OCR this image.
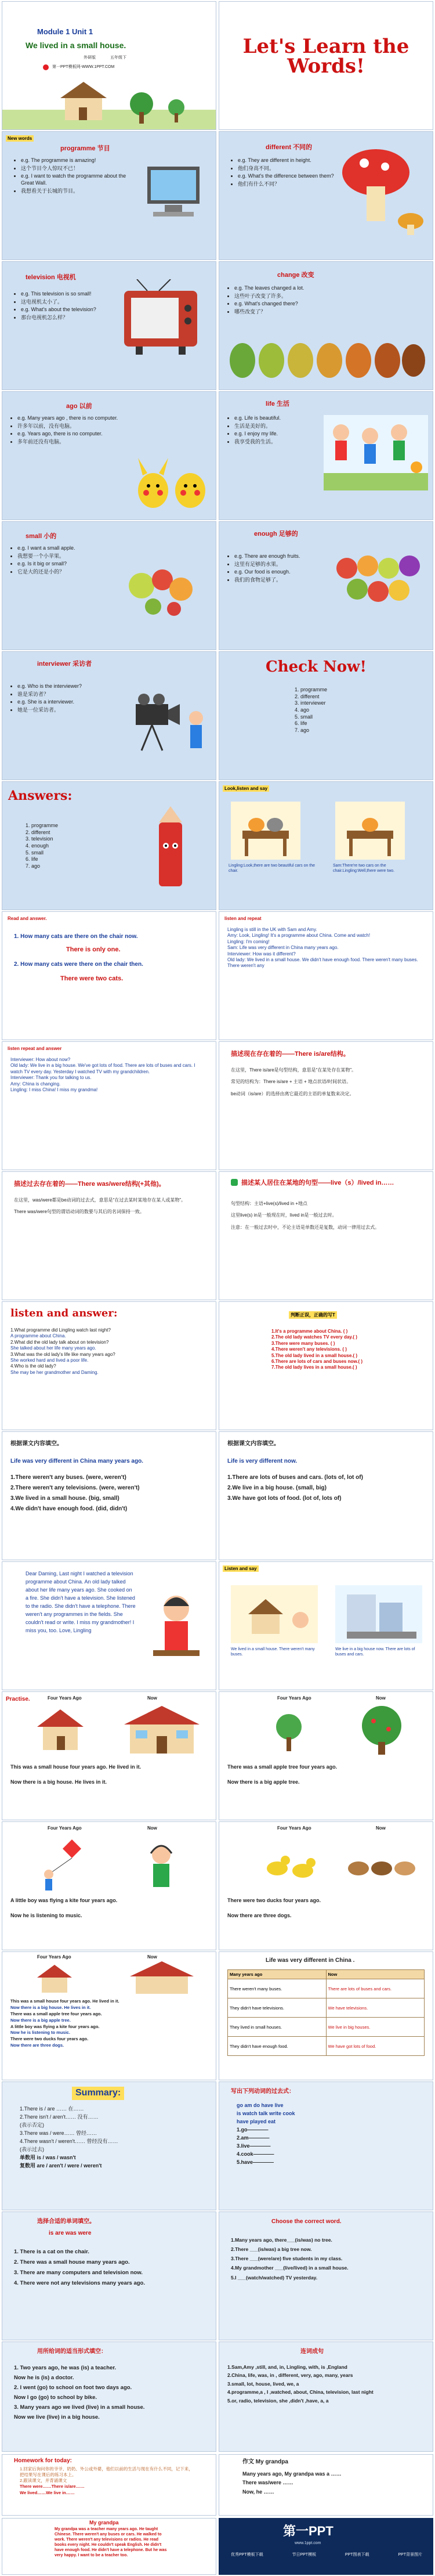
Module 1 Unit 1
We lived in a small house.
外研版	五年级下
第一PPT模板网-WWW.1PPT.COM
Let's Learn the Words!
New words
programme 节目
• e.g. The programme is amazing!
• 这个节目令人惊叹不已！
• e.g. I want to watch the programme about the Great Wall.
• 我想看关于长城的节目。
different 不同的
• e.g. They are different in height.
• 他们身高不同。
• e.g. What's the difference between them?
• 他们有什么不同？
television 电视机
• e.g. This television is so small!
• 这电视机太小了。
• e.g. What's about the television?
• 那台电视机怎么样？
change 改变
• e.g. The leaves changed a lot.
• 这些叶子改变了许多。
• e.g. What's changed there?
• 哪些改变了？
ago 以前
• e.g. Many years ago , there is no computer.
• 许多年以前，没有电脑。
• e.g. Years ago, there is no computer.
• 多年前还没有电脑。
life 生活
• e.g. Life is beautiful.
• 生活是美好的。
• e.g. I enjoy my life.
• 我享受我的生活。
small 小的
• e.g. I want a small apple.
• 我想要一个小苹果。
• e.g. Is it big or small?
• 它是大的还是小的？
enough 足够的
• e.g. There are enough fruits.
• 这里有足够的水果。
• e.g. Our food is enough.
• 我们的食物足够了。
interviewer 采访者
• e.g. Who is the interviewer?
• 谁是采访者？
• e.g. She is a interviewer.
• 她是一位采访者。
Check Now!
1. programme
2. different
3. interviewer
4. ago
5. small
6. life
7. ago
Answers:
1. programme
2. different
3. television
4. enough
5. small
6. life
7. ago
Look,listen and say
Lingling:Look,there are two beautiful cars on the chair.
Sam:There're two cars on the chair.Lingling:Well,there were two.
Read and answer.
1. How many cats are there on the chair now.
There is only one.
2. How many cats were there on the chair then.
There were two cats.
listen and repeat
Lingling is still in the UK with Sam and Amy.
Amy: Look, Lingling! It's a programme about China. Come and watch!
Lingling: I'm coming!
Sam: Life was very different in China many years ago.
Interviewer: How was it different?
Old lady: We lived in a small house. We didn't have enough food. There weren't many buses. There weren't any
listen repeat and answer
Interviewer: How about now?
Old lady: We live in a big house. We've got lots of food. There are lots of buses and cars. I watch TV every day. Yesterday I watched TV with my grandchildren.
Interviewer: Thank you for talking to us.
Amy: China is changing.
Lingling: I miss China! I miss my grandma!
描述现在存在着的——There is/are结构。
在这里，There is/are是句型结构，意思是“在某处存在某物”。
常见的结构为：There is/are + 主语 + 地点状语/时间状语。
be动词（is/are）的选择由离它最近的主语的单复数来决定。
描述过去存在着的——There was/were结构(+其他)。
在这里，was/were都是be动词的过去式，意思是“在过去某时某地存在某人或某物”。
There was/were句型的谓语动词的数要与其后的名词保持一致。
描述某人居住在某地的句型——live（s）/lived in……
句型结构：主语+live(s)/lived in +地点
这里live(s) in是一般现在时，lived in是一般过去时。
注意：在一般过去时中，不论主语是单数还是复数，动词一律用过去式。
listen and answer:
1.What programme did Lingling watch last night?
A programme about China.
2.What did the old lady talk about on television?
She talked about her life many years ago.
3.What was the old lady's life like many years ago?
She worked hard and lived a poor life.
4.Who is the old lady?
She may be her grandmother and Daming.
判断正误，正确的写T
1.It's a programme about China. ( )
2.The old lady watches TV every day.( )
3.There were many buses. ( )
4.There weren't any televisions. ( )
5.The old lady lived in a small house.( )
6.There are lots of cars and buses now.( )
7.The old lady lives in a small house.( )
根据课文内容填空。
Life was very different in China many years ago.
1.There weren't any buses. (were, weren't)
2.There weren't any televisions. (were, weren't)
3.We lived in a small house. (big, small)
4.We didn't have enough food. (did, didn't)
根据课文内容填空。
Life is very different now.
1.There are lots of buses and cars. (lots of, lot of)
2.We live in a big house. (small, big)
3.We have got lots of food. (lot of, lots of)
Dear Daming, Last night I watched a television programme about China. An old lady talked about her life many years ago. She cooked on a fire. She didn't have a television. She listened to the radio. She didn't have a telephone. There weren't any programmes in the fields. She couldn't read or write. I miss my grandmother! I miss you, too. Love, Lingling
Listen and say
We lived in a small house. There weren't many buses.
We live in a big house now. There are lots of buses and cars.
Practise.	Four Years Ago	Now
This was a small house four years ago. He lived in it.
Now there is a big house. He lives in it.
Four Years Ago	Now
There was a small apple tree four years ago.
Now there is a big apple tree.
Four Years Ago	Now
A little boy was flying a kite four years ago.
Now he is listening to music.
Four Years Ago	Now
There were two ducks four years ago.
Now there are three dogs.
Four Years Ago	Now
This was a small house four years ago. He lived in it.
Now there is a big house. He lives in it.
There was a small apple tree four years ago.
Now there is a big apple tree.
A little boy was flying a kite four years ago.
Now he is listening to music.
There were two ducks four years ago.
Now there are three dogs.
Life was very different in China .
Many years ago	Now
There weren't many buses.	There are lots of buses and cars.
They didn't have televisions.	We have televisions.
They lived in small houses.	We live in big houses.
They didn't have enough food.	We have got lots of food.
Summary:
1.There is / are …… 在……
2.There isn't / aren't…… 没有……
(表示否定)
3.There was / were…… 曾经……
4.There wasn't / weren't…… 曾经没有……
(表示过去)
单数用 is / was / wasn't
复数用 are / aren't / were / weren't
写出下列动词的过去式：
go am do have live
is watch talk write cook
have played eat
1.go————
2.am————
3.live————
4.cook————
5.have————
选择合适的单词填空。
is are was were
1. There is a cat on the chair.
2. There was a small house many years ago.
3. There are many computers and television now.
4. There were not any televisions many years ago.
Choose the correct word.
1.Many years ago, there___(is/was) no tree.
2.There ___(is/was) a big tree now.
3.There ___(were/are) five students in my class.
4.My grandmother ___(live/lived) in a small house.
5.I ___(watch/watched) TV yesterday.
用所给词的适当形式填空：
1. Two years ago, he was (is) a teacher.
Now he is (is) a doctor.
2. I went (go) to school on foot two days ago.
Now I go (go) to school by bike.
3. Many years ago we lived (live) in a small house.
Now we live (live) in a big house.
连词成句
1.Sam,Amy ,still, and, in, Lingling, with, is ,England
2.China, life, was, in , different, very, ago, many, years
3.small, lot, house, lived, we, a
4.programme,a , I ,watched, about, China, television, last night
5.or, radio, television, she ,didn't ,have, a, a
Homework for today:
1.回家后询问你的爷爷、奶奶、外公或外婆，他们以前的生活与现在有什么不同，记下来，把结果写在课后的练习本上。
2.跟读课文，并背诵课文
There were……There is/are……
We lived……We live in……
作文 My grandpa
Many years ago, My grandpa was a ……
There was/were ……
Now, he ……
My grandpa
My grandpa was a teacher many years ago. He taught Chinese. There weren't any buses or cars. He walked to work. There weren't any televisions or radios. He read books every night. He couldn't speak English. He didn't have enough food. He didn't have a telephone. But he was very happy. I want to be a teacher too.
第一PPT
www.1ppt.com
优秀PPT模板下载	节日PPT模板	PPT图表下载	PPT背景图片
